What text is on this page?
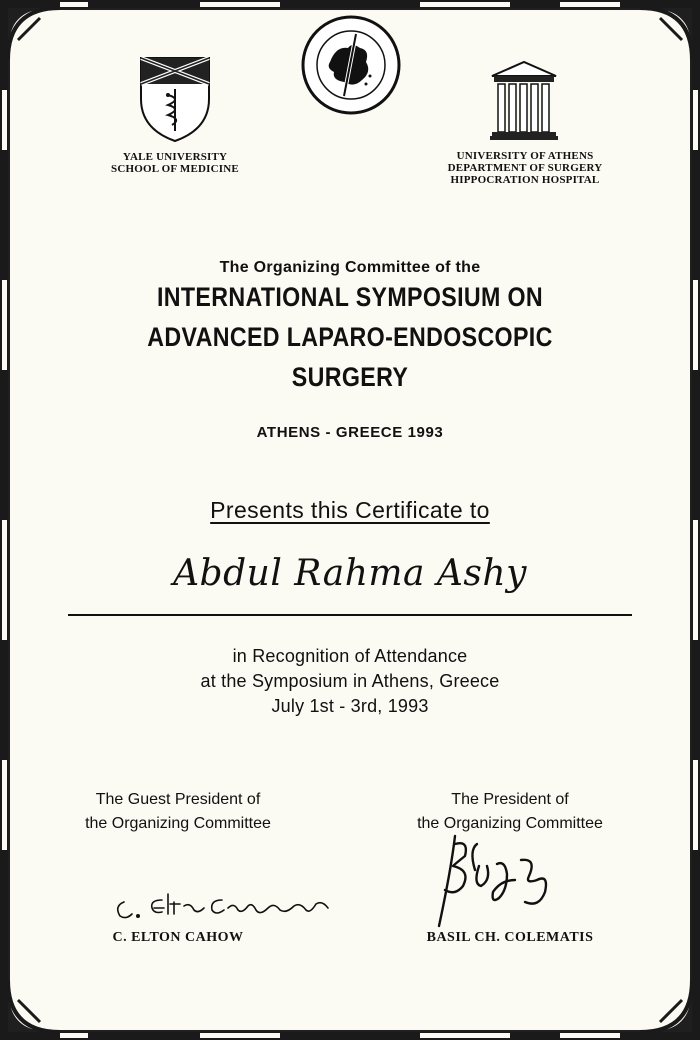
YALE UNIVERSITY
SCHOOL OF MEDICINE
UNIVERSITY OF ATHENS
DEPARTMENT OF SURGERY
HIPPOCRATION HOSPITAL
The Organizing Committee of the
INTERNATIONAL SYMPOSIUM ON
ADVANCED LAPARO-ENDOSCOPIC
SURGERY
ATHENS - GREECE 1993
Presents this Certificate to
Abdul Rahma Ashy
in Recognition of Attendance
at the Symposium in Athens, Greece
July 1st - 3rd, 1993
The Guest President of
the Organizing Committee
The President of
the Organizing Committee
C. ELTON CAHOW	BASIL CH. COLEMATIS
